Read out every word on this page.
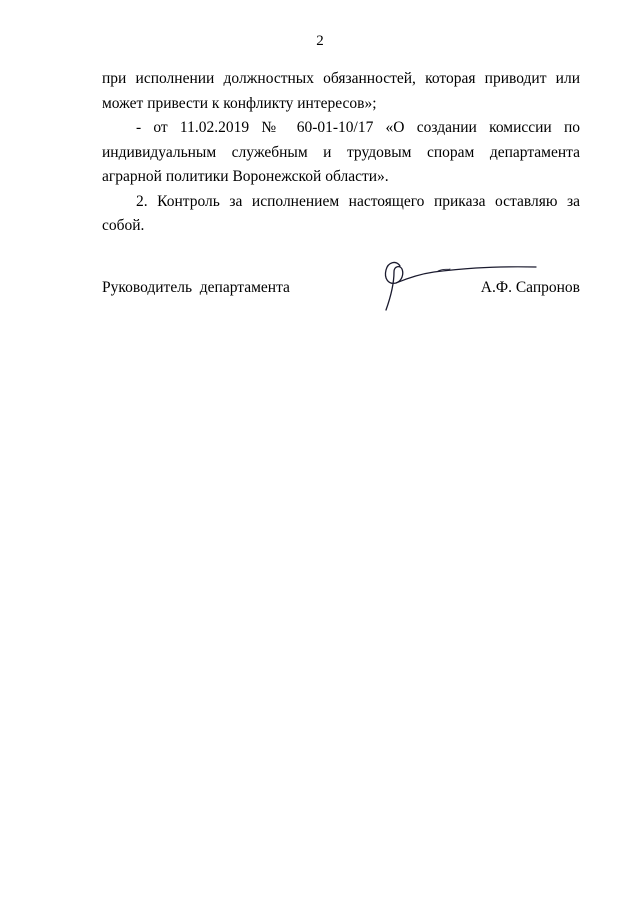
2

при исполнении должностных обязанностей, которая приводит или может привести к конфликту интересов»;

- от 11.02.2019 № 60-01-10/17 «О создании комиссии по индивидуальным служебным и трудовым спорам департамента аграрной политики Воронежской области».

2. Контроль за исполнением настоящего приказа оставляю за собой.

Руководитель  департамента	А.Ф. Сапронов
